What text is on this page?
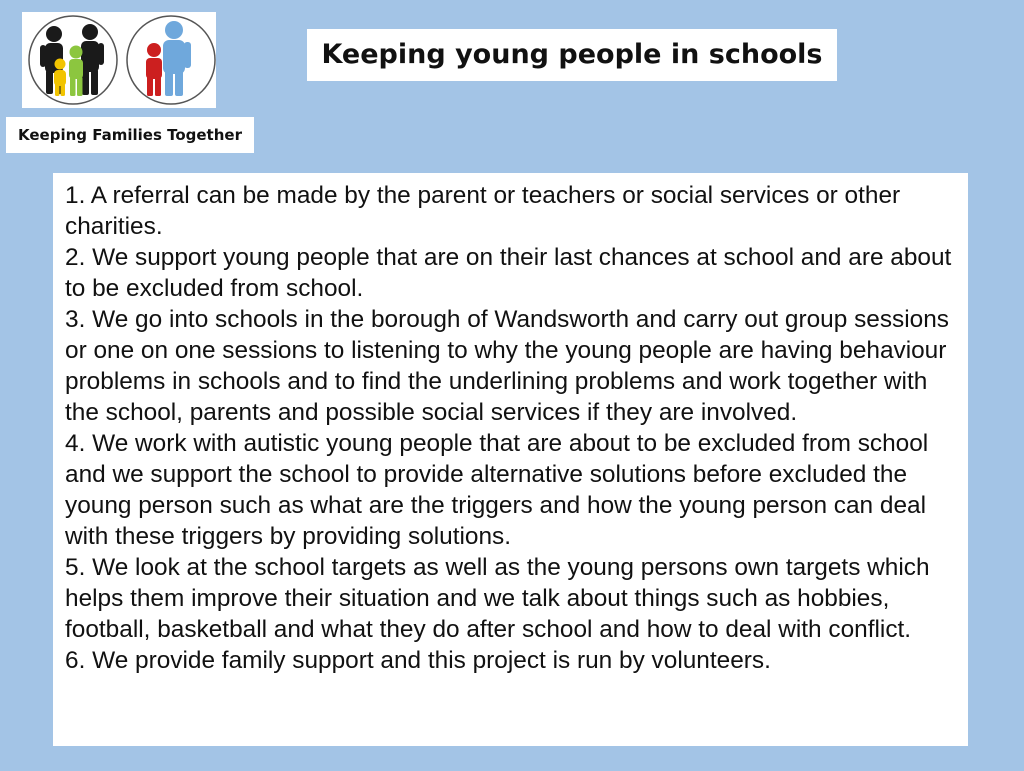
Keeping Families Together
Keeping young people in schools

1. A referral can be made by the parent or teachers or social services or other charities.

2. We support young people that are on their last chances at school and are about to be excluded from school.

3. We go into schools in the borough of Wandsworth and carry out group sessions or one on one sessions to listening to why the young people are having behaviour problems in schools and to find the underlining problems and work together with the school, parents and possible social services if they are involved.

4. We work with autistic young people that are about to be excluded from school and we support the school to provide alternative solutions before excluded the young person such as what are the triggers and how the young person can deal with these triggers by providing solutions.

5. We look at the school targets as well as the young persons own targets which helps them improve their situation and we talk about things such as hobbies, football, basketball and what they do after school and how to deal with conflict.

6. We provide family support and this project is run by volunteers.
